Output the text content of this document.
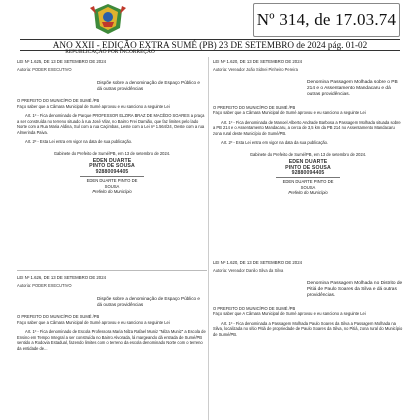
Nº 314, de 17.03.74
ANO XXII - EDIÇÃO EXTRA SUMÉ (PB) 23 DE SETEMBRO de 2024 pág. 01-02
REPUBLICAÇÃO POR INCORREÇÃO

LEI Nº 1.625, DE 13 DE SETEMBRO DE 2024

Autoria: PODER EXECUTIVO

Dispõe sobre a denominação de Espaço Público e dá outras providências

O PREFEITO DO MUNICÍPIO DE SUMÉ /PB

Faço saber que a Câmara Municipal de Sumé aprovou e eu sanciono a seguinte Lei

Art. 1º - Fica denominado de Parque PROFESSOR ELZIRA BRAZ DE MACÊDO SOARES a praça a ser construída no terreno situado à rua José Vilar, no Bairro Frei Damião, que faz limites pelo lado Norte com a Rua Maria Aldina, Sul com a rua Caçimbas, Leste com a Lei nº 1.564/24, Oeste com a rua Almerinda Paiva.

Art. 2º - Esta Lei entra em vigor na data de sua publicação.

Gabinete do Prefeito de Sumé/PB, em 13 de setembro de 2024.

EDEN DUARTE
PINTO DE SOUSA
92880094405
EDEN DUARTE PINTO DE SOUSA
Prefeito do Município

LEI Nº 1.626, DE 13 DE SETEMBRO DE 2024

Autoria: PODER EXECUTIVO

Dispõe sobre a denominação de Espaço Público e dá outras providências

O PREFEITO DO MUNICÍPIO DE SUMÉ /PB

Faço saber que a Câmara Municipal de Sumé aprovou e eu sanciono a seguinte Lei

Art. 1º - Fica denominado de Escola Professora Maria Nilza Rafael Muniz "Nilza Muniz" a Escola de Ensino em Tempo Integral a ser construída no Bairro Alvorada, lá margeando dá entrada de Sumé/PB sentido a Rodovia Estadual, fazendo limites com o terreno da escola denominado Norte com o terreno da entidade de...

LEI Nº 1.620, DE 13 DE SETEMBRO DE 2024

Autoria: Vereador João Sidnei Pinheiro Pereira

Denomina Passagem Molhada sobre o PB 214 e o Assentamento Mandacaru e dá outras providências.

O PREFEITO DO MUNICÍPIO DE SUMÉ /PB

Faço saber que a Câmara Municipal de Sumé aprovou e eu sanciono a seguinte Lei

Art. 1º - Fica denominada de Manoel Alberto Andrade Barbosa a Passagem Molhada situada sobre a PB 214 e o Assentamento Mandacaru, a cerca de 3,5 km da PB 214 no Assentamento Mandacaru zona rural deste Município de Sumé/PB.

Art. 2º - Esta Lei entra em vigor na data da sua publicação.

Gabinete do Prefeito de Sumé/PB, em 13 de setembro de 2024.

EDEN DUARTE
PINTO DE SOUSA
92880094405
EDEN DUARTE PINTO DE SOUSA
Prefeito do Município

LEI Nº 1.620, DE 13 DE SETEMBRO DE 2024

Autoria: Vereador Danilo Silva da Silva

Denomina Passagem Molhada no Distrito de Pitiá de Paulo Soares da Silva e dá outras providências.

O PREFEITO DO MUNICÍPIO DE SUMÉ /PB

Faço saber que A Câmara Municipal de Sumé aprovou e eu sanciono a seguinte Lei

Art. 1º - Fica denominada a Passagem Molhada Paulo Soares da Silva a Passagem Molhada na Silva, localizada no sítio Pitiá de propriedade de Paulo Soares da Silva, no Pitiá, zona rural do Município de Sumé/PB.
